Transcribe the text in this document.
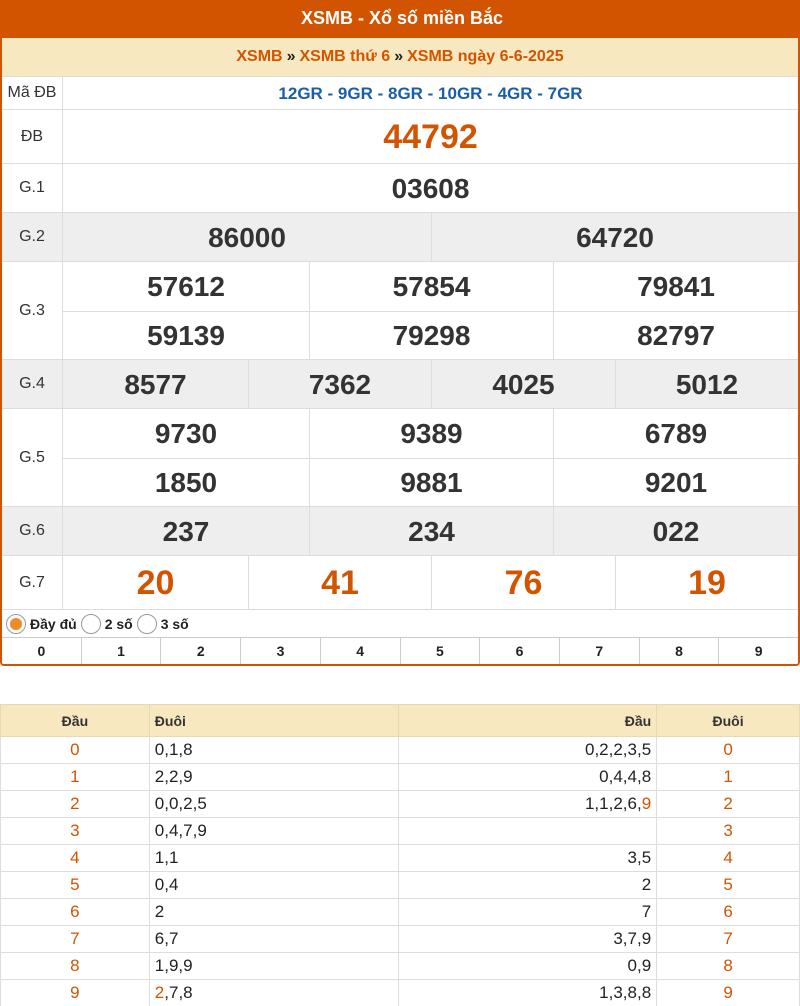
XSMB - Xổ số miền Bắc
XSMB » XSMB thứ 6 » XSMB ngày 6-6-2025
Mã ĐB	12GR - 9GR - 8GR - 10GR - 4GR - 7GR
ĐB	44792
G.1	03608
G.2	86000	64720
G.3
57612	57854	79841
59139	79298	82797
G.4	8577	7362	4025	5012
G.5
9730	9389	6789
1850	9881	9201
G.6	237	234	022
G.7	20	41	76	19
Đầy đủ 2 số 3 số
0	1	2	3	4	5	6	7	8	9
Đầu	Đuôi	Đầu	Đuôi
0	0,1,8	0,2,2,3,5	0
1	2,2,9	0,4,4,8	1
2	0,0,2,5	1,1,2,6,9	2
3	0,4,7,9		3
4	1,1	3,5	4
5	0,4	2	5
6	2	7	6
7	6,7	3,7,9	7
8	1,9,9	0,9	8
9	2,7,8	1,3,8,8	9
